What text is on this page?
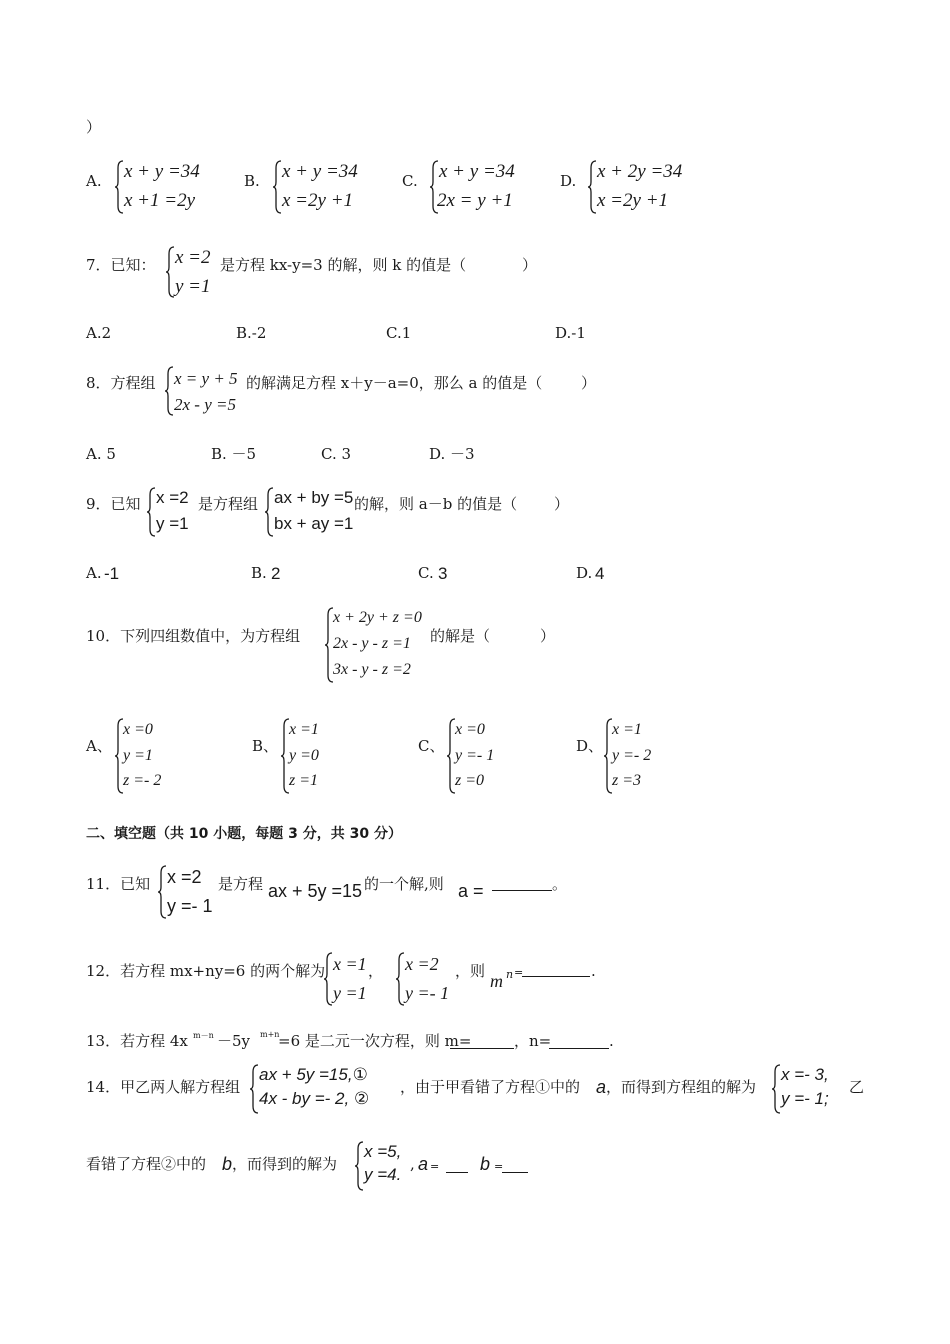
）
A. x + y =34
x +1 =2y
B. x + y =34
x =2y +1
C. x + y =34
2x = y +1
D. x + 2y =34
x =2y +1
7．已知： x =2
y =1
是方程 kx-y=3 的解，则 k 的值是（	）
A.2	B.-2	C.1	D.-1
8．方程组 x = y + 5
2x - y =5
的解满足方程 x＋y－a=0，那么 a 的值是（	）
A. 5	B. －5	C. 3	D. －3
9．已知 x =2
y =1
是方程组 ax + by =5
bx + ay =1
的解，则 a－b 的值是（ ）
A. -1	B. 2	C. 3	D. 4
10．下列四组数值中，为方程组
x + 2y + z =0
2x - y - z =1
3x - y - z =2
的解是（	）
A、
x =0
y =1
z =- 2
B、
x =1
y =0
z =1
C、
x =0
y =- 1
z =0
D、
x =1
y =- 2
z =3
二、填空题（共 10 小题，每题 3 分，共 30 分）
11．已知 x =2
y =- 1
是方程 ax + 5y =15 的一个解,则 a =	。
12．若方程 mx+ny=6 的两个解为 x =1
y =1
， x =2
y =- 1
，则 m n =	.
13．若方程 4x m－n －5y m+n
=6 是二元一次方程，则 m=	，n=	.
14．甲乙两人解方程组
ax + 5y =15,①
4x - by =- 2, ②
，由于甲看错了方程①中的 a ，而得到方程组的解为
x =- 3,
y =- 1;
乙
看错了方程②中的 b ，而得到的解为
x =5,
y =4.
, a = b =
